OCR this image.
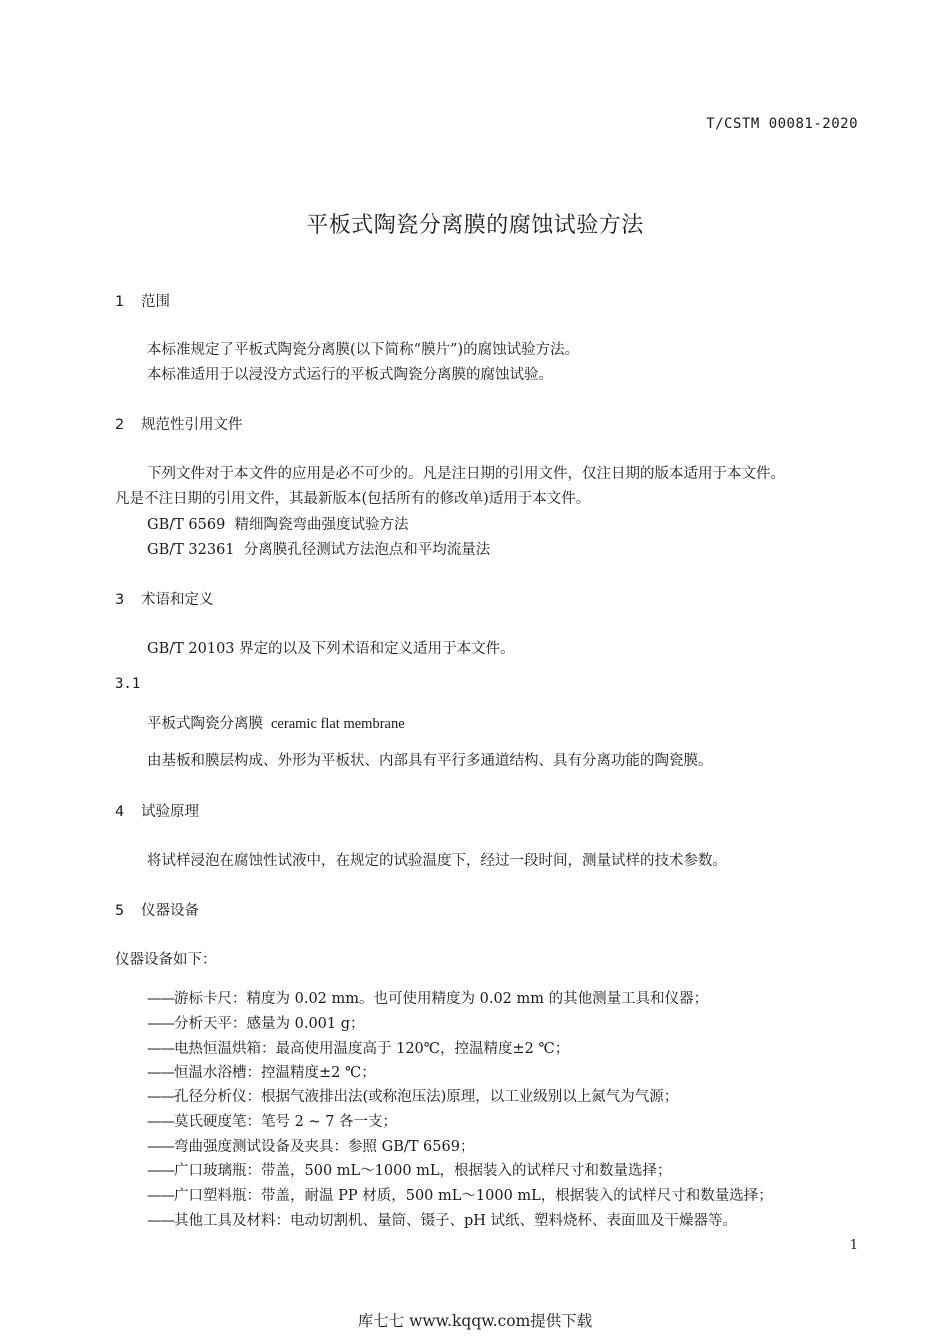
T/CSTM 00081-2020
平板式陶瓷分离膜的腐蚀试验方法
1 范围
本标准规定了平板式陶瓷分离膜(以下简称“膜片”)的腐蚀试验方法。
本标准适用于以浸没方式运行的平板式陶瓷分离膜的腐蚀试验。
2 规范性引用文件
下列文件对于本文件的应用是必不可少的。凡是注日期的引用文件，仅注日期的版本适用于本文件。
凡是不注日期的引用文件，其最新版本(包括所有的修改单)适用于本文件。
GB/T 6569 精细陶瓷弯曲强度试验方法
GB/T 32361 分离膜孔径测试方法泡点和平均流量法
3 术语和定义
GB/T 20103 界定的以及下列术语和定义适用于本文件。
3.1
平板式陶瓷分离膜 ceramic flat membrane
由基板和膜层构成、外形为平板状、内部具有平行多通道结构、具有分离功能的陶瓷膜。
4 试验原理
将试样浸泡在腐蚀性试液中，在规定的试验温度下，经过一段时间，测量试样的技术参数。
5 仪器设备
仪器设备如下：
——游标卡尺：精度为 0.02 mm。也可使用精度为 0.02 mm 的其他测量工具和仪器；
——分析天平：感量为 0.001 g；
——电热恒温烘箱：最高使用温度高于 120℃，控温精度±2 ℃；
——恒温水浴槽：控温精度±2 ℃；
——孔径分析仪：根据气液排出法(或称泡压法)原理，以工业级别以上氮气为气源；
——莫氏硬度笔：笔号 2 ~ 7 各一支；
——弯曲强度测试设备及夹具：参照 GB/T 6569；
——广口玻璃瓶：带盖，500 mL～1000 mL，根据装入的试样尺寸和数量选择；
——广口塑料瓶：带盖，耐温 PP 材质，500 mL～1000 mL，根据装入的试样尺寸和数量选择；
——其他工具及材料：电动切割机、量筒、镊子、pH 试纸、塑料烧杯、表面皿及干燥器等。
1
库七七 www.kqqw.com提供下载
